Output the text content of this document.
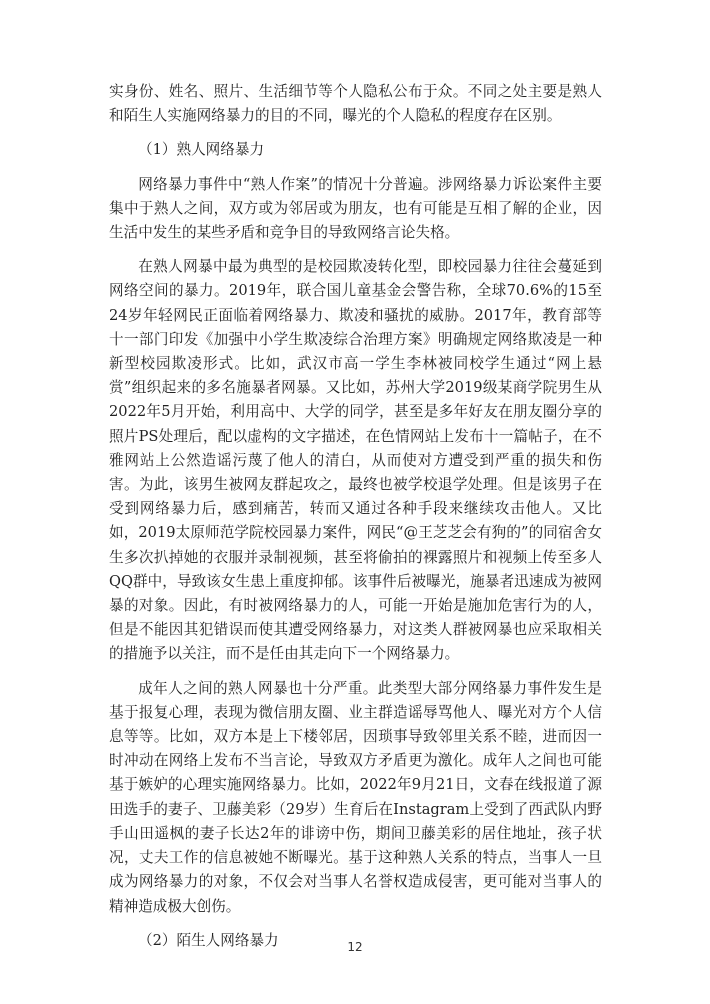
实身份、姓名、照片、生活细节等个人隐私公布于众。不同之处主要是熟人和陌生人实施网络暴力的目的不同，曝光的个人隐私的程度存在区别。

（1）熟人网络暴力

网络暴力事件中“熟人作案”的情况十分普遍。涉网络暴力诉讼案件主要集中于熟人之间，双方或为邻居或为朋友，也有可能是互相了解的企业，因生活中发生的某些矛盾和竞争目的导致网络言论失格。

在熟人网暴中最为典型的是校园欺凌转化型，即校园暴力往往会蔓延到网络空间的暴力。2019年，联合国儿童基金会警告称，全球70.6%的15至24岁年轻网民正面临着网络暴力、欺凌和骚扰的威胁。2017年，教育部等十一部门印发《加强中小学生欺凌综合治理方案》明确规定网络欺凌是一种新型校园欺凌形式。比如，武汉市高一学生李林被同校学生通过“网上悬赏”组织起来的多名施暴者网暴。又比如，苏州大学2019级某商学院男生从2022年5月开始，利用高中、大学的同学，甚至是多年好友在朋友圈分享的照片PS处理后，配以虚构的文字描述，在色情网站上发布十一篇帖子，在不雅网站上公然造谣污蔑了他人的清白，从而使对方遭受到严重的损失和伤害。为此，该男生被网友群起攻之，最终也被学校退学处理。但是该男子在受到网络暴力后，感到痛苦，转而又通过各种手段来继续攻击他人。又比如，2019太原师范学院校园暴力案件，网民“@王芝芝会有狗的”的同宿舍女生多次扒掉她的衣服并录制视频，甚至将偷拍的裸露照片和视频上传至多人QQ群中，导致该女生患上重度抑郁。该事件后被曝光，施暴者迅速成为被网暴的对象。因此，有时被网络暴力的人，可能一开始是施加危害行为的人，但是不能因其犯错误而使其遭受网络暴力，对这类人群被网暴也应采取相关的措施予以关注，而不是任由其走向下一个网络暴力。

成年人之间的熟人网暴也十分严重。此类型大部分网络暴力事件发生是基于报复心理，表现为微信朋友圈、业主群造谣辱骂他人、曝光对方个人信息等等。比如，双方本是上下楼邻居，因琐事导致邻里关系不睦，进而因一时冲动在网络上发布不当言论，导致双方矛盾更为激化。成年人之间也可能基于嫉妒的心理实施网络暴力。比如，2022年9月21日，文春在线报道了源田选手的妻子、卫藤美彩（29岁）生育后在Instagram上受到了西武队内野手山田遥枫的妻子长达2年的诽谤中伤，期间卫藤美彩的居住地址，孩子状况，丈夫工作的信息被她不断曝光。基于这种熟人关系的特点，当事人一旦成为网络暴力的对象，不仅会对当事人名誉权造成侵害，更可能对当事人的精神造成极大创伤。

（2）陌生人网络暴力	12
